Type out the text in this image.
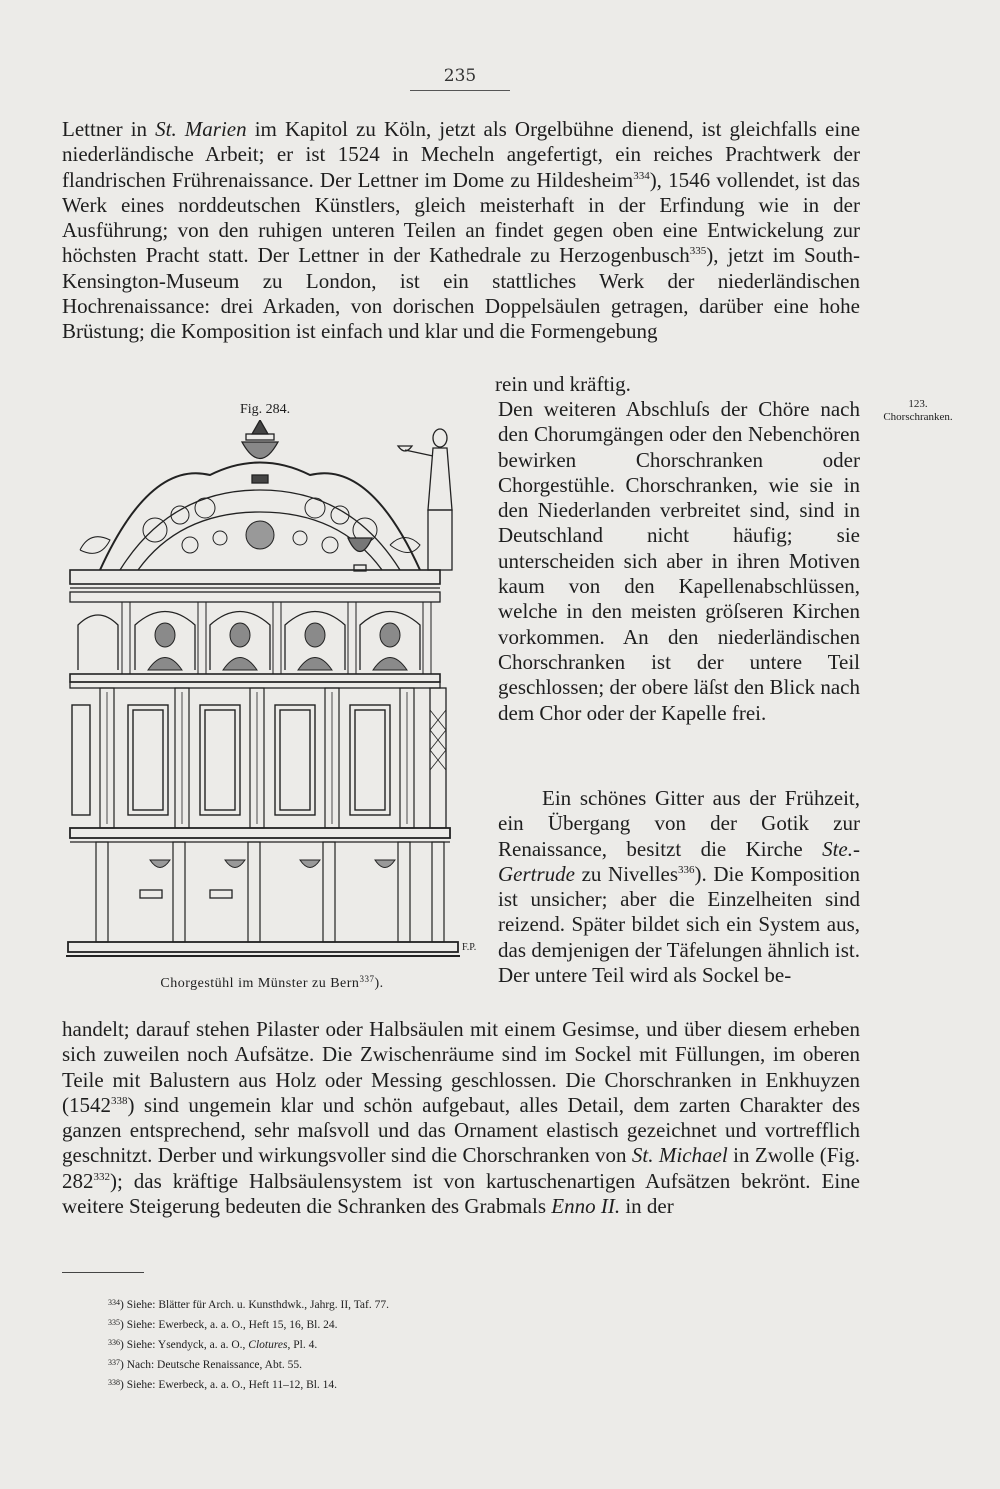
235

Lettner in St. Marien im Kapitol zu Köln, jetzt als Orgelbühne dienend, ist gleichfalls eine niederländische Arbeit; er ist 1524 in Mecheln angefertigt, ein reiches Prachtwerk der flandrischen Frührenaissance. Der Lettner im Dome zu Hildesheim$^{334}$), 1546 vollendet, ist das Werk eines norddeutschen Künstlers, gleich meisterhaft in der Erfindung wie in der Ausführung; von den ruhigen unteren Teilen an findet gegen oben eine Entwickelung zur höchsten Pracht statt. Der Lettner in der Kathedrale zu Herzogenbusch$^{335}$), jetzt im South-Kensington-Museum zu London, ist ein stattliches Werk der niederländischen Hochrenaissance: drei Arkaden, von dorischen Doppelsäulen getragen, darüber eine hohe Brüstung; die Komposition ist einfach und klar und die Formengebung

rein und kräftig.

Fig. 284.
F.P.
Chorgestühl im Münster zu Bern$^{337}$).
123.
Chorschranken.

Den weiteren Abschluſs der Chöre nach den Chorumgängen oder den Nebenchören bewirken Chorschranken oder Chorgestühle. Chorschranken, wie sie in den Niederlanden verbreitet sind, sind in Deutschland nicht häufig; sie unterscheiden sich aber in ihren Motiven kaum von den Kapellenabschlüssen, welche in den meisten gröſseren Kirchen vorkommen. An den niederländischen Chorschranken ist der untere Teil geschlossen; der obere läſst den Blick nach dem Chor oder der Kapelle frei.

Ein schönes Gitter aus der Frühzeit, ein Übergang von der Gotik zur Renaissance, besitzt die Kirche Ste.-Gertrude zu Nivelles$^{336}$). Die Komposition ist unsicher; aber die Einzelheiten sind reizend. Später bildet sich ein System aus, das demjenigen der Täfelungen ähnlich ist. Der untere Teil wird als Sockel be-

handelt; darauf stehen Pilaster oder Halbsäulen mit einem Gesimse, und über diesem erheben sich zuweilen noch Aufsätze. Die Zwischenräume sind im Sockel mit Füllungen, im oberen Teile mit Balustern aus Holz oder Messing geschlossen. Die Chorschranken in Enkhuyzen (1542$^{338}$) sind ungemein klar und schön aufgebaut, alles Detail, dem zarten Charakter des ganzen entsprechend, sehr maſsvoll und das Ornament elastisch gezeichnet und vortrefflich geschnitzt. Derber und wirkungsvoller sind die Chorschranken von St. Michael in Zwolle (Fig. $282^{332}$); das kräftige Halbsäulensystem ist von kartuschenartigen Aufsätzen bekrönt. Eine weitere Steigerung bedeuten die Schranken des Grabmals Enno II. in der

$^{334}$) Siehe: Blätter für Arch. u. Kunsthdwk., Jahrg. II, Taf. 77.
$^{335}$) Siehe: Ewerbeck, a. a. O., Heft 15, 16, Bl. 24.
$^{336}$) Siehe: Ysendyck, a. a. O., Clotures, Pl. 4.
$^{337}$) Nach: Deutsche Renaissance, Abt. 55.
$^{338}$) Siehe: Ewerbeck, a. a. O., Heft 11–12, Bl. 14.
